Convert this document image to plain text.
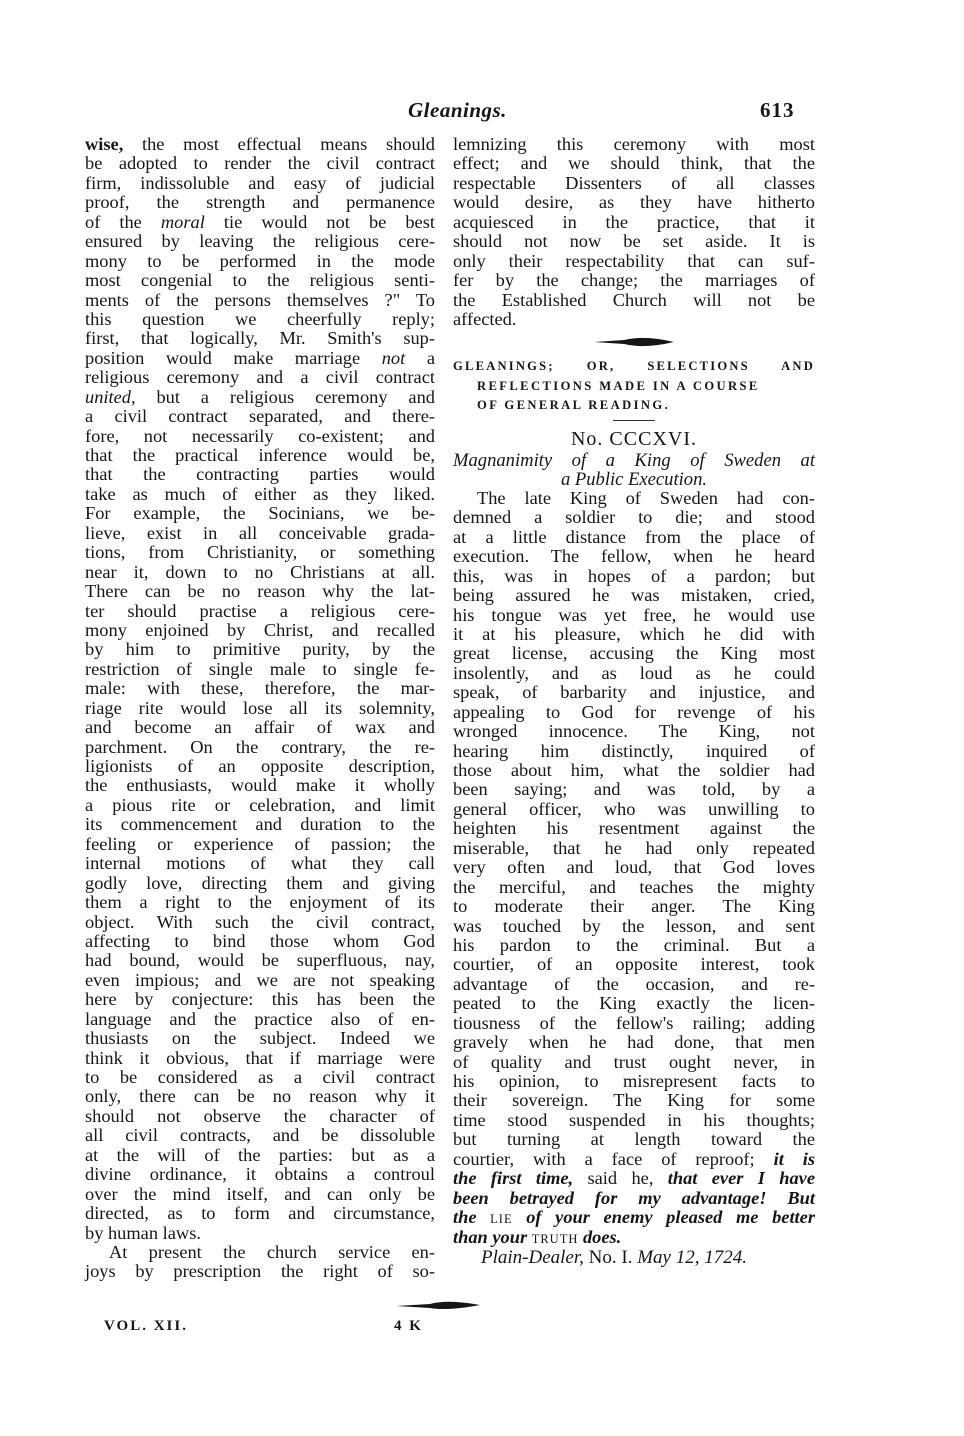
Gleanings.	613
wise, the most effectual means should
be adopted to render the civil contract
firm, indissoluble and easy of judicial
proof, the strength and permanence
of the moral tie would not be best
ensured by leaving the religious cere-
mony to be performed in the mode
most congenial to the religious senti-
ments of the persons themselves ?" To
this question we cheerfully reply;
first, that logically, Mr. Smith's sup-
position would make marriage not a
religious ceremony and a civil contract
united, but a religious ceremony and
a civil contract separated, and there-
fore, not necessarily co-existent; and
that the practical inference would be,
that the contracting parties would
take as much of either as they liked.
For example, the Socinians, we be-
lieve, exist in all conceivable grada-
tions, from Christianity, or something
near it, down to no Christians at all.
There can be no reason why the lat-
ter should practise a religious cere-
mony enjoined by Christ, and recalled
by him to primitive purity, by the
restriction of single male to single fe-
male: with these, therefore, the mar-
riage rite would lose all its solemnity,
and become an affair of wax and
parchment. On the contrary, the re-
ligionists of an opposite description,
the enthusiasts, would make it wholly
a pious rite or celebration, and limit
its commencement and duration to the
feeling or experience of passion; the
internal motions of what they call
godly love, directing them and giving
them a right to the enjoyment of its
object. With such the civil contract,
affecting to bind those whom God
had bound, would be superfluous, nay,
even impious; and we are not speaking
here by conjecture: this has been the
language and the practice also of en-
thusiasts on the subject. Indeed we
think it obvious, that if marriage were
to be considered as a civil contract
only, there can be no reason why it
should not observe the character of
all civil contracts, and be dissoluble
at the will of the parties: but as a
divine ordinance, it obtains a controul
over the mind itself, and can only be
directed, as to form and circumstance,
by human laws.
At present the church service en-
joys by prescription the right of so-
lemnizing this ceremony with most
effect; and we should think, that the
respectable Dissenters of all classes
would desire, as they have hitherto
acquiesced in the practice, that it
should not now be set aside. It is
only their respectability that can suf-
fer by the change; the marriages of
the Established Church will not be
affected.
GLEANINGS; OR, SELECTIONS AND
REFLECTIONS MADE IN A COURSE
OF GENERAL READING.
No. CCCXVI.
Magnanimity of a King of Sweden at
a Public Execution.
The late King of Sweden had con-
demned a soldier to die; and stood
at a little distance from the place of
execution. The fellow, when he heard
this, was in hopes of a pardon; but
being assured he was mistaken, cried,
his tongue was yet free, he would use
it at his pleasure, which he did with
great license, accusing the King most
insolently, and as loud as he could
speak, of barbarity and injustice, and
appealing to God for revenge of his
wronged innocence. The King, not
hearing him distinctly, inquired of
those about him, what the soldier had
been saying; and was told, by a
general officer, who was unwilling to
heighten his resentment against the
miserable, that he had only repeated
very often and loud, that God loves
the merciful, and teaches the mighty
to moderate their anger. The King
was touched by the lesson, and sent
his pardon to the criminal. But a
courtier, of an opposite interest, took
advantage of the occasion, and re-
peated to the King exactly the licen-
tiousness of the fellow's railing; adding
gravely when he had done, that men
of quality and trust ought never, in
his opinion, to misrepresent facts to
their sovereign. The King for some
time stood suspended in his thoughts;
but turning at length toward the
courtier, with a face of reproof; it is
the first time, said he, that ever I have
been betrayed for my advantage! But
the LIE of your enemy pleased me better
than your TRUTH does.
Plain-Dealer, No. I. May 12, 1724.
VOL. XII.	4 K
